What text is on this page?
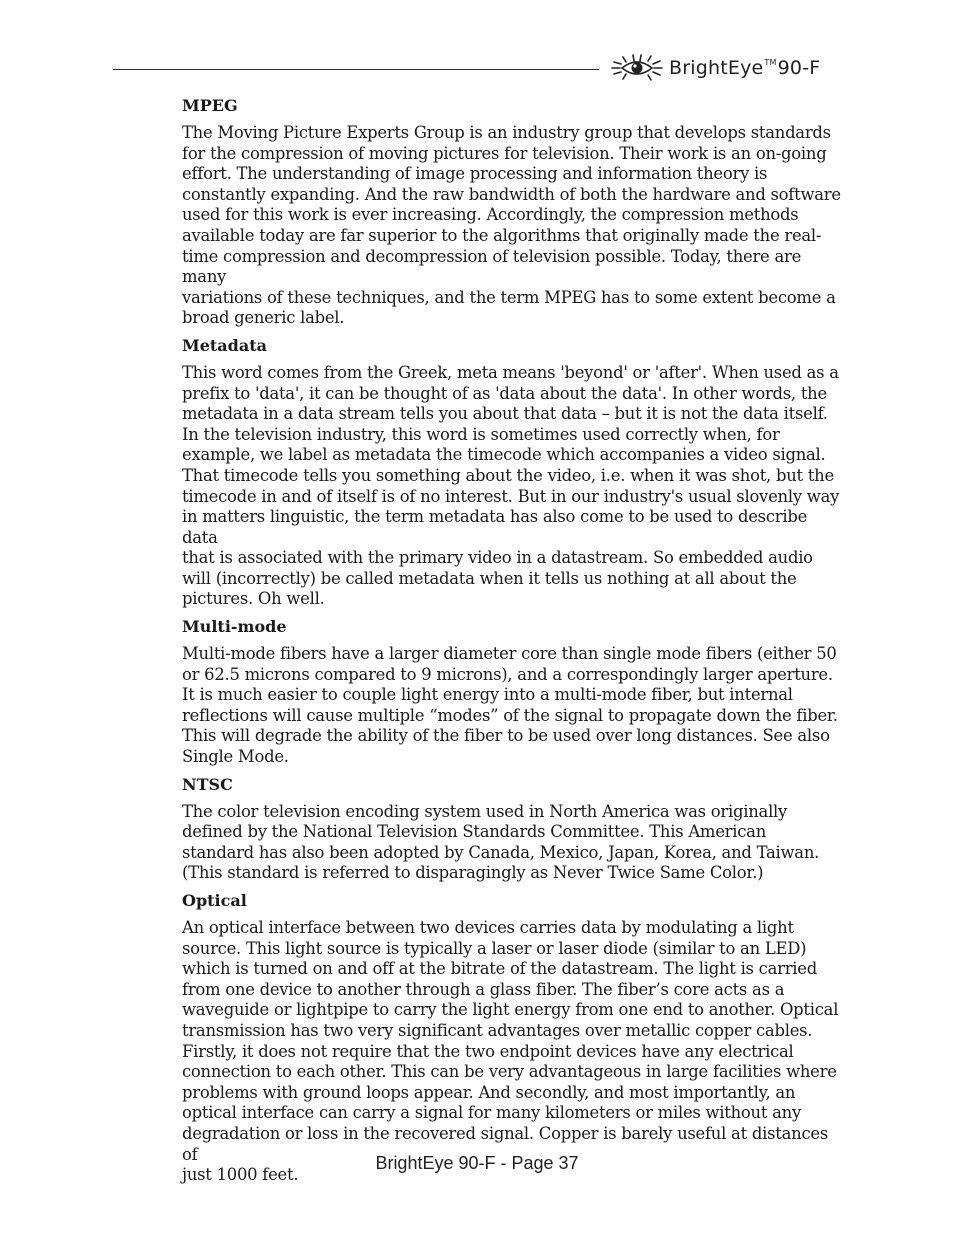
BrightEye™90-F
MPEG

The Moving Picture Experts Group is an industry group that develops standards
for the compression of moving pictures for television. Their work is an on-going
effort. The understanding of image processing and information theory is
constantly expanding. And the raw bandwidth of both the hardware and software
used for this work is ever increasing. Accordingly, the compression methods
available today are far superior to the algorithms that originally made the real-
time compression and decompression of television possible. Today, there are many
variations of these techniques, and the term MPEG has to some extent become a
broad generic label.

Metadata

This word comes from the Greek, meta means 'beyond' or 'after'. When used as a
prefix to 'data', it can be thought of as 'data about the data'. In other words, the
metadata in a data stream tells you about that data – but it is not the data itself.
In the television industry, this word is sometimes used correctly when, for
example, we label as metadata the timecode which accompanies a video signal.
That timecode tells you something about the video, i.e. when it was shot, but the
timecode in and of itself is of no interest. But in our industry's usual slovenly way
in matters linguistic, the term metadata has also come to be used to describe data
that is associated with the primary video in a datastream. So embedded audio
will (incorrectly) be called metadata when it tells us nothing at all about the
pictures. Oh well.

Multi-mode

Multi-mode fibers have a larger diameter core than single mode fibers (either 50
or 62.5 microns compared to 9 microns), and a correspondingly larger aperture.
It is much easier to couple light energy into a multi-mode fiber, but internal
reflections will cause multiple “modes” of the signal to propagate down the fiber.
This will degrade the ability of the fiber to be used over long distances. See also
Single Mode.

NTSC

The color television encoding system used in North America was originally
defined by the National Television Standards Committee. This American
standard has also been adopted by Canada, Mexico, Japan, Korea, and Taiwan.
(This standard is referred to disparagingly as Never Twice Same Color.)

Optical

An optical interface between two devices carries data by modulating a light
source. This light source is typically a laser or laser diode (similar to an LED)
which is turned on and off at the bitrate of the datastream. The light is carried
from one device to another through a glass fiber. The fiber’s core acts as a
waveguide or lightpipe to carry the light energy from one end to another. Optical
transmission has two very significant advantages over metallic copper cables.
Firstly, it does not require that the two endpoint devices have any electrical
connection to each other. This can be very advantageous in large facilities where
problems with ground loops appear. And secondly, and most importantly, an
optical interface can carry a signal for many kilometers or miles without any
degradation or loss in the recovered signal. Copper is barely useful at distances of
just 1000 feet.

BrightEye 90-F - Page 37
